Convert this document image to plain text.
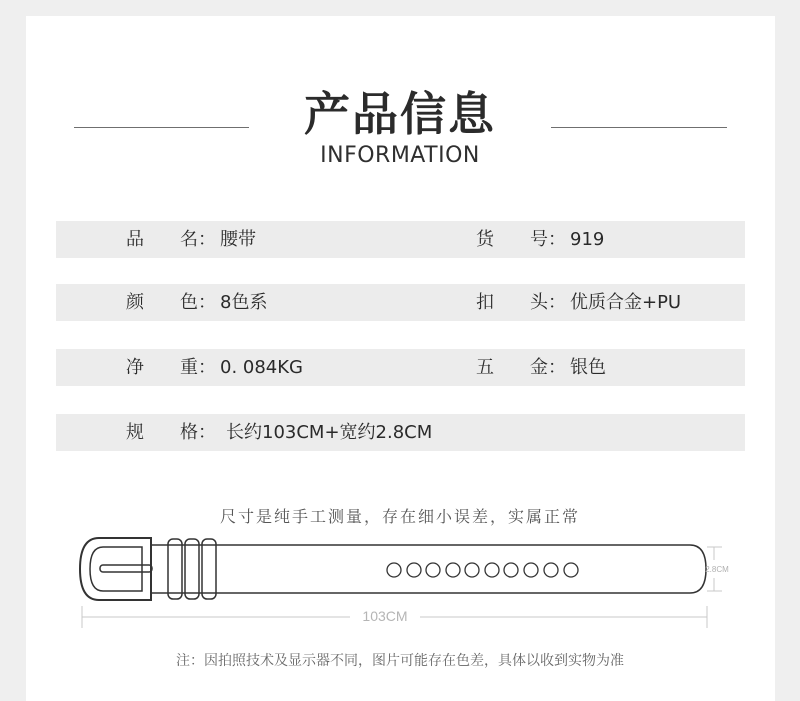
产品信息
INFORMATION
品　　名： 腰带	货　　号： 919
颜　　色： 8色系	扣　　头： 优质合金+PU
净　　重： 0. 084KG	五　　金： 银色
规　　格： 长约103CM+宽约2.8CM
尺寸是纯手工测量，存在细小误差，实属正常
2.8CM
103CM
注：因拍照技术及显示器不同，图片可能存在色差，具体以收到实物为准
